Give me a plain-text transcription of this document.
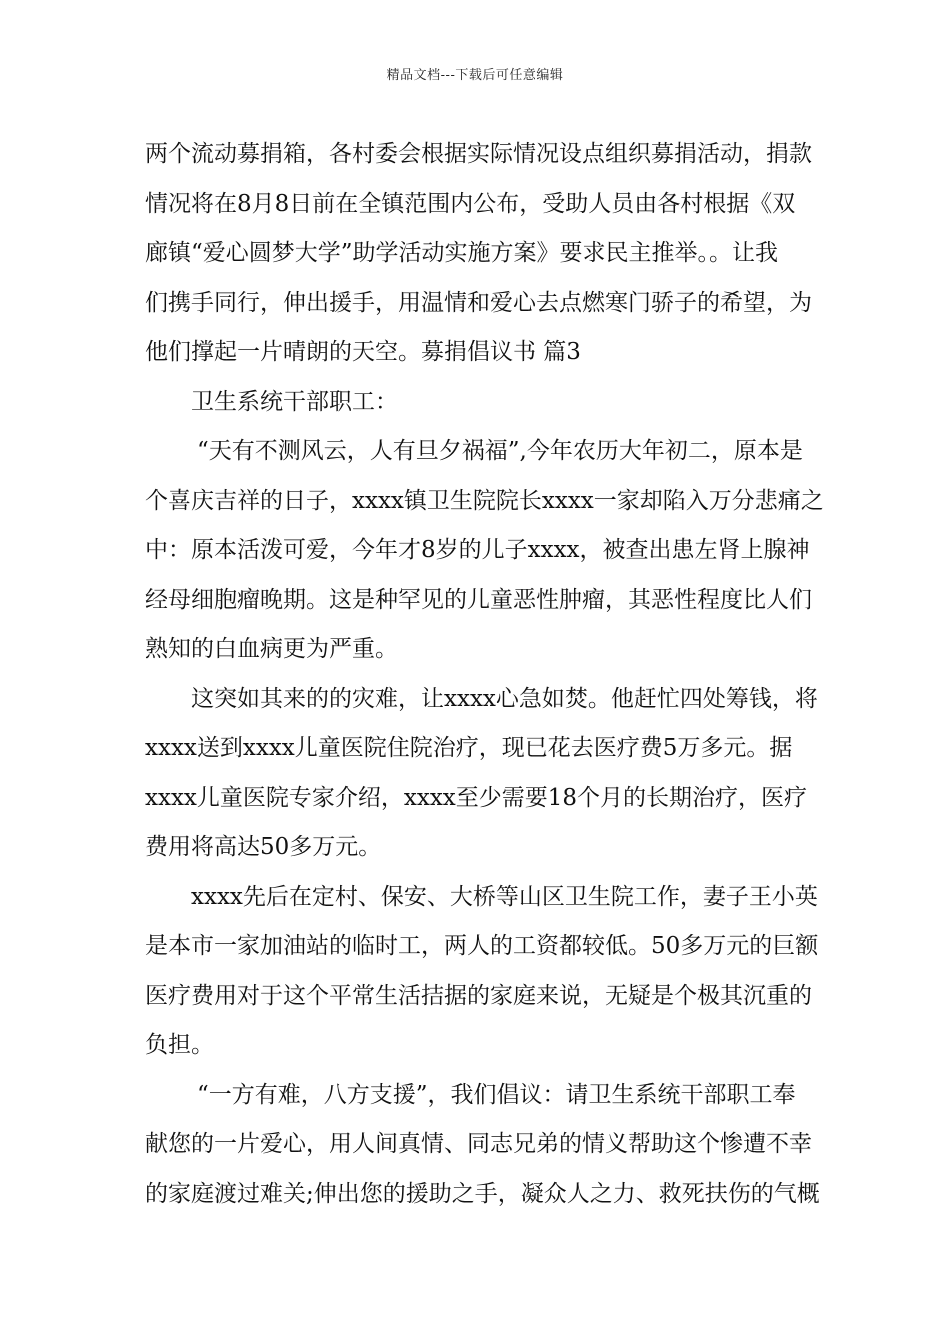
精品文档---下载后可任意编辑
两个流动募捐箱，各村委会根据实际情况设点组织募捐活动，捐款
情况将在8月8日前在全镇范围内公布，受助人员由各村根据《双
廊镇“爱心圆梦大学”助学活动实施方案》要求民主推举。。让我
们携手同行，伸出援手，用温情和爱心去点燃寒门骄子的希望，为
他们撑起一片晴朗的天空。募捐倡议书 篇3
卫生系统干部职工：
“天有不测风云，人有旦夕祸福”,今年农历大年初二，原本是
个喜庆吉祥的日子，xxxx镇卫生院院长xxxx一家却陷入万分悲痛之
中：原本活泼可爱，今年才8岁的儿子xxxx，被查出患左肾上腺神
经母细胞瘤晚期。这是种罕见的儿童恶性肿瘤，其恶性程度比人们
熟知的白血病更为严重。
这突如其来的的灾难，让xxxx心急如焚。他赶忙四处筹钱，将
xxxx送到xxxx儿童医院住院治疗，现已花去医疗费5万多元。据
xxxx儿童医院专家介绍，xxxx至少需要18个月的长期治疗，医疗
费用将高达50多万元。
xxxx先后在定村、保安、大桥等山区卫生院工作，妻子王小英
是本市一家加油站的临时工，两人的工资都较低。50多万元的巨额
医疗费用对于这个平常生活拮据的家庭来说，无疑是个极其沉重的
负担。
“一方有难，八方支援”，我们倡议：请卫生系统干部职工奉
献您的一片爱心，用人间真情、同志兄弟的情义帮助这个惨遭不幸
的家庭渡过难关;伸出您的援助之手，凝众人之力、救死扶伤的气概
